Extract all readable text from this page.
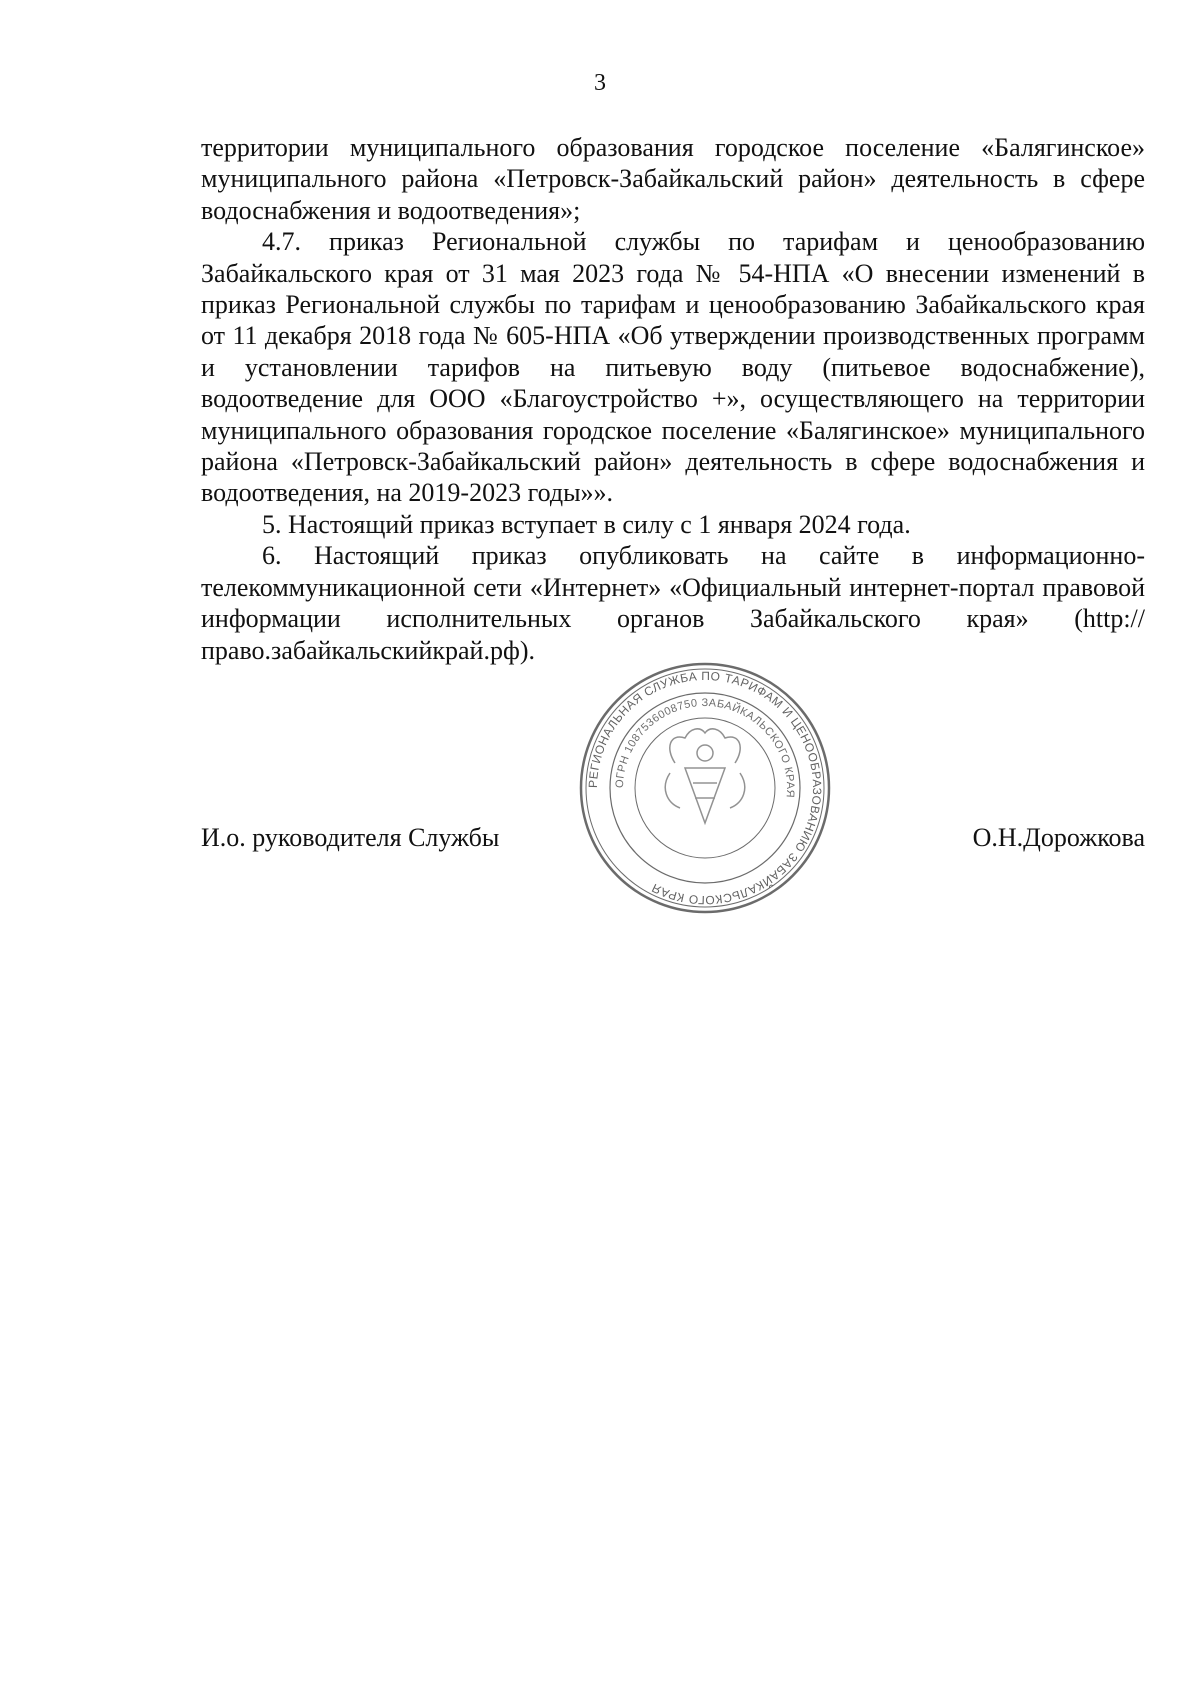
3

территории муниципального образования городское поселение «Балягинское» муниципального района «Петровск-Забайкальский район» деятельность в сфере водоснабжения и водоотведения»;

4.7. приказ Региональной службы по тарифам и ценообразованию Забайкальского края от 31 мая 2023 года № 54-НПА «О внесении изменений в приказ Региональной службы по тарифам и ценообразованию Забайкальского края от 11 декабря 2018 года № 605-НПА «Об утверждении производственных программ и установлении тарифов на питьевую воду (питьевое водоснабжение), водоотведение для ООО «Благоустройство +», осуществляющего на территории муниципального образования городское поселение «Балягинское» муниципального района «Петровск-Забайкальский район» деятельность в сфере водоснабжения и водоотведения, на 2019-2023 годы»».

5. Настоящий приказ вступает в силу с 1 января 2024 года.

6. Настоящий приказ опубликовать на сайте в информационно-телекоммуникационной сети «Интернет» «Официальный интернет-портал правовой информации исполнительных органов Забайкальского края» (http://право.забайкальскийкрай.рф).

РЕГИОНАЛЬНАЯ СЛУЖБА ПО ТАРИФАМ И ЦЕНООБРАЗОВАНИЮ ЗАБАЙКАЛЬСКОГО КРАЯ
ОГРН 1087536008750 ЗАБАЙКАЛЬСКОГО КРАЯ
И.о. руководителя Службы	О.Н.Дорожкова
